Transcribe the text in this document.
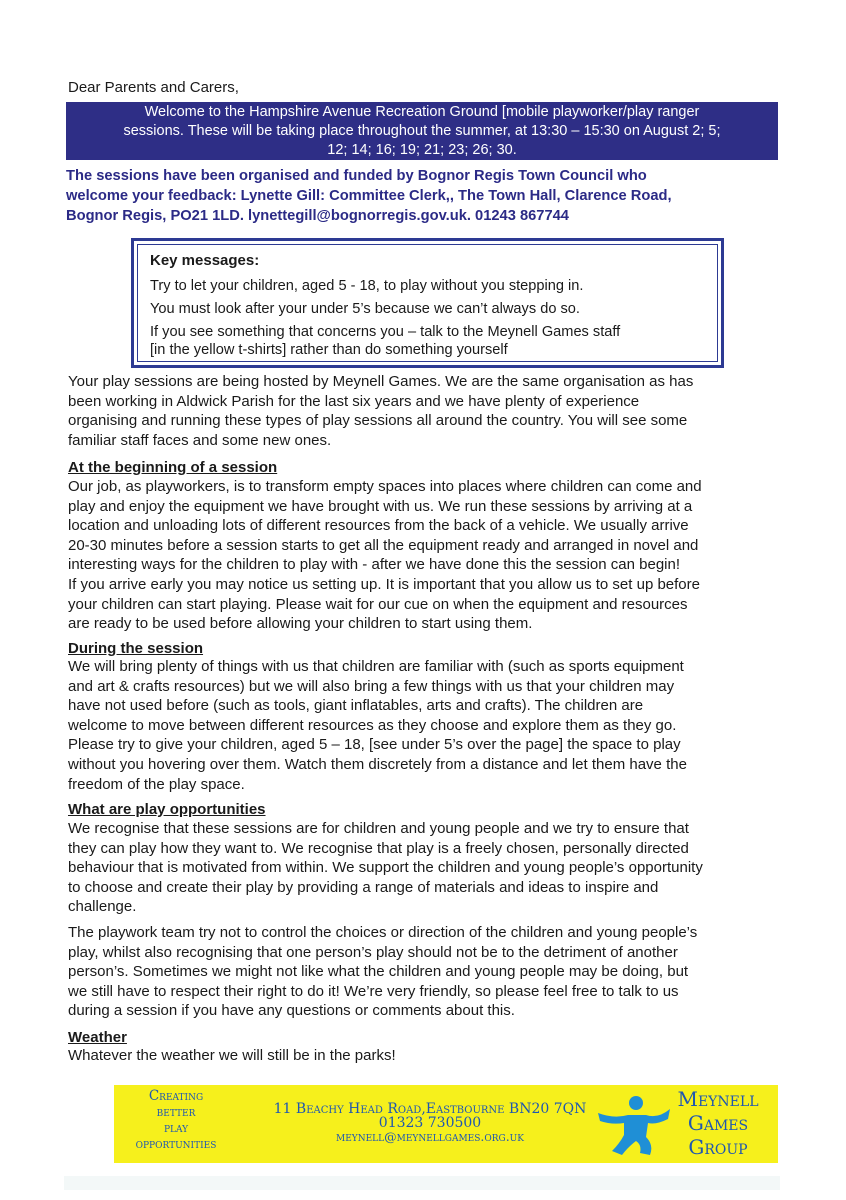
Dear Parents and Carers,
Welcome to the Hampshire Avenue Recreation Ground [mobile playworker/play ranger
sessions. These will be taking place throughout the summer, at 13:30 – 15:30 on August 2; 5;
12; 14; 16; 19; 21; 23; 26; 30.
The sessions have been organised and funded by Bognor Regis Town Council who
welcome your feedback: Lynette Gill: Committee Clerk,, The Town Hall, Clarence Road,
Bognor Regis, PO21 1LD. lynettegill@bognorregis.gov.uk. 01243 867744
Key messages:
Try to let your children, aged 5 - 18, to play without you stepping in.
You must look after your under 5’s because we can’t always do so.
If you see something that concerns you – talk to the Meynell Games staff
[in the yellow t-shirts] rather than do something yourself
Your play sessions are being hosted by Meynell Games. We are the same organisation as has
been working in Aldwick Parish for the last six years and we have plenty of experience
organising and running these types of play sessions all around the country. You will see some
familiar staff faces and some new ones.
At the beginning of a session
Our job, as playworkers, is to transform empty spaces into places where children can come and
play and enjoy the equipment we have brought with us. We run these sessions by arriving at a
location and unloading lots of different resources from the back of a vehicle. We usually arrive
20-30 minutes before a session starts to get all the equipment ready and arranged in novel and
interesting ways for the children to play with - after we have done this the session can begin!
If you arrive early you may notice us setting up. It is important that you allow us to set up before
your children can start playing. Please wait for our cue on when the equipment and resources
are ready to be used before allowing your children to start using them.
During the session
We will bring plenty of things with us that children are familiar with (such as sports equipment
and art & crafts resources) but we will also bring a few things with us that your children may
have not used before (such as tools, giant inflatables, arts and crafts). The children are
welcome to move between different resources as they choose and explore them as they go.
Please try to give your children, aged 5 – 18, [see under 5’s over the page] the space to play
without you hovering over them. Watch them discretely from a distance and let them have the
freedom of the play space.
What are play opportunities
We recognise that these sessions are for children and young people and we try to ensure that
they can play how they want to. We recognise that play is a freely chosen, personally directed
behaviour that is motivated from within. We support the children and young people’s opportunity
to choose and create their play by providing a range of materials and ideas to inspire and
challenge.
The playwork team try not to control the choices or direction of the children and young people’s
play, whilst also recognising that one person’s play should not be to the detriment of another
person’s. Sometimes we might not like what the children and young people may be doing, but
we still have to respect their right to do it! We’re very friendly, so please feel free to talk to us
during a session if you have any questions or comments about this.
Weather
Whatever the weather we will still be in the parks!
Creating
better
play
opportunities
11 Beachy Head Road,Eastbourne BN20 7QN
01323 730500
meynell@meynellgames.org.uk
Meynell
Games
Group
